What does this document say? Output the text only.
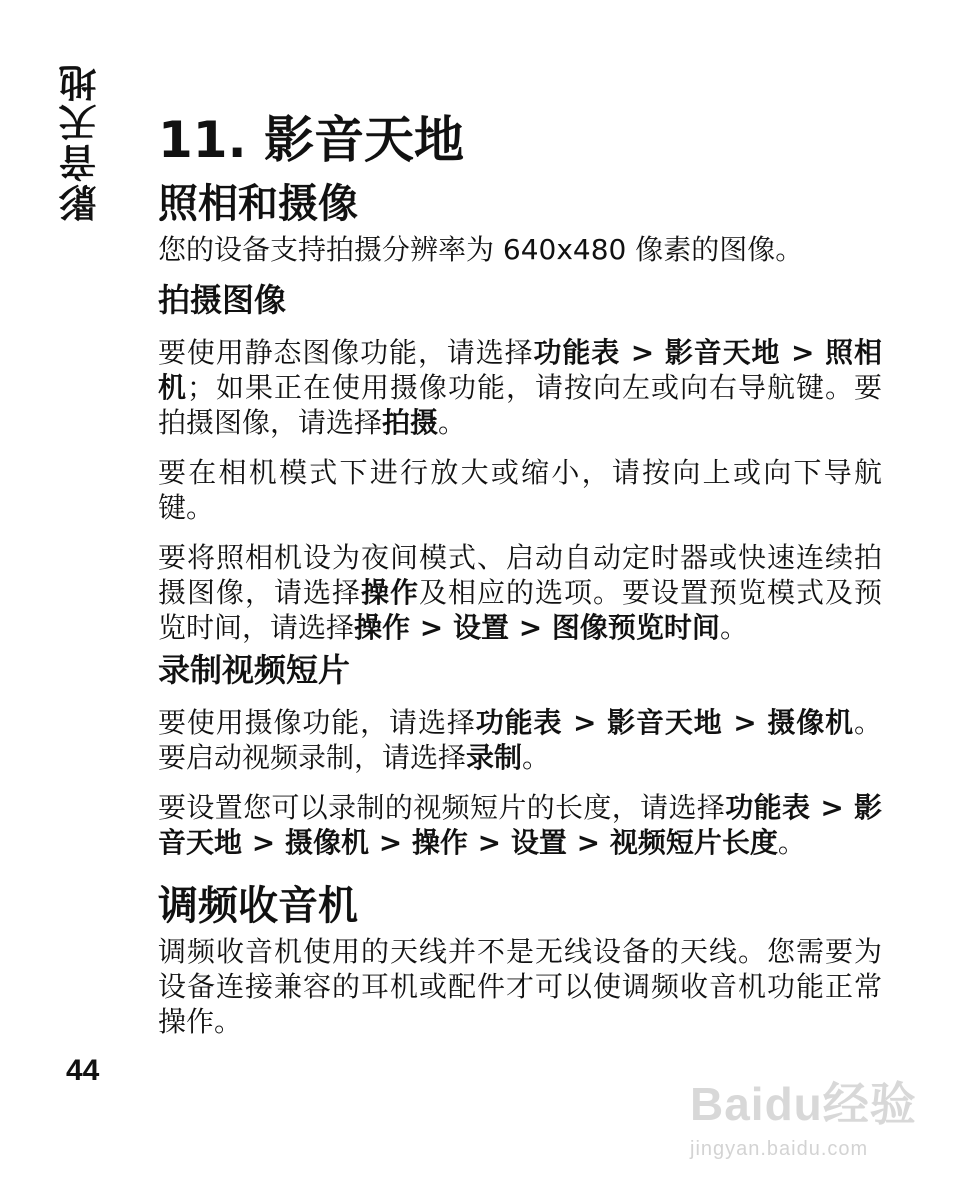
影音天地
44
11. 影音天地
照相和摄像

您的设备支持拍摄分辨率为 640x480 像素的图像。

拍摄图像

要使用静态图像功能，请选择功能表 > 影音天地 > 照相机；如果正在使用摄像功能，请按向左或向右导航键。要拍摄图像，请选择拍摄。

要在相机模式下进行放大或缩小，请按向上或向下导航键。

要将照相机设为夜间模式、启动自动定时器或快速连续拍摄图像，请选择操作及相应的选项。要设置预览模式及预览时间，请选择操作 > 设置 > 图像预览时间。

录制视频短片

要使用摄像功能，请选择功能表 > 影音天地 > 摄像机。要启动视频录制，请选择录制。

要设置您可以录制的视频短片的长度，请选择功能表 > 影音天地 > 摄像机 > 操作 > 设置 > 视频短片长度。

调频收音机

调频收音机使用的天线并不是无线设备的天线。您需要为设备连接兼容的耳机或配件才可以使调频收音机功能正常操作。

Baidu经验
jingyan.baidu.com
